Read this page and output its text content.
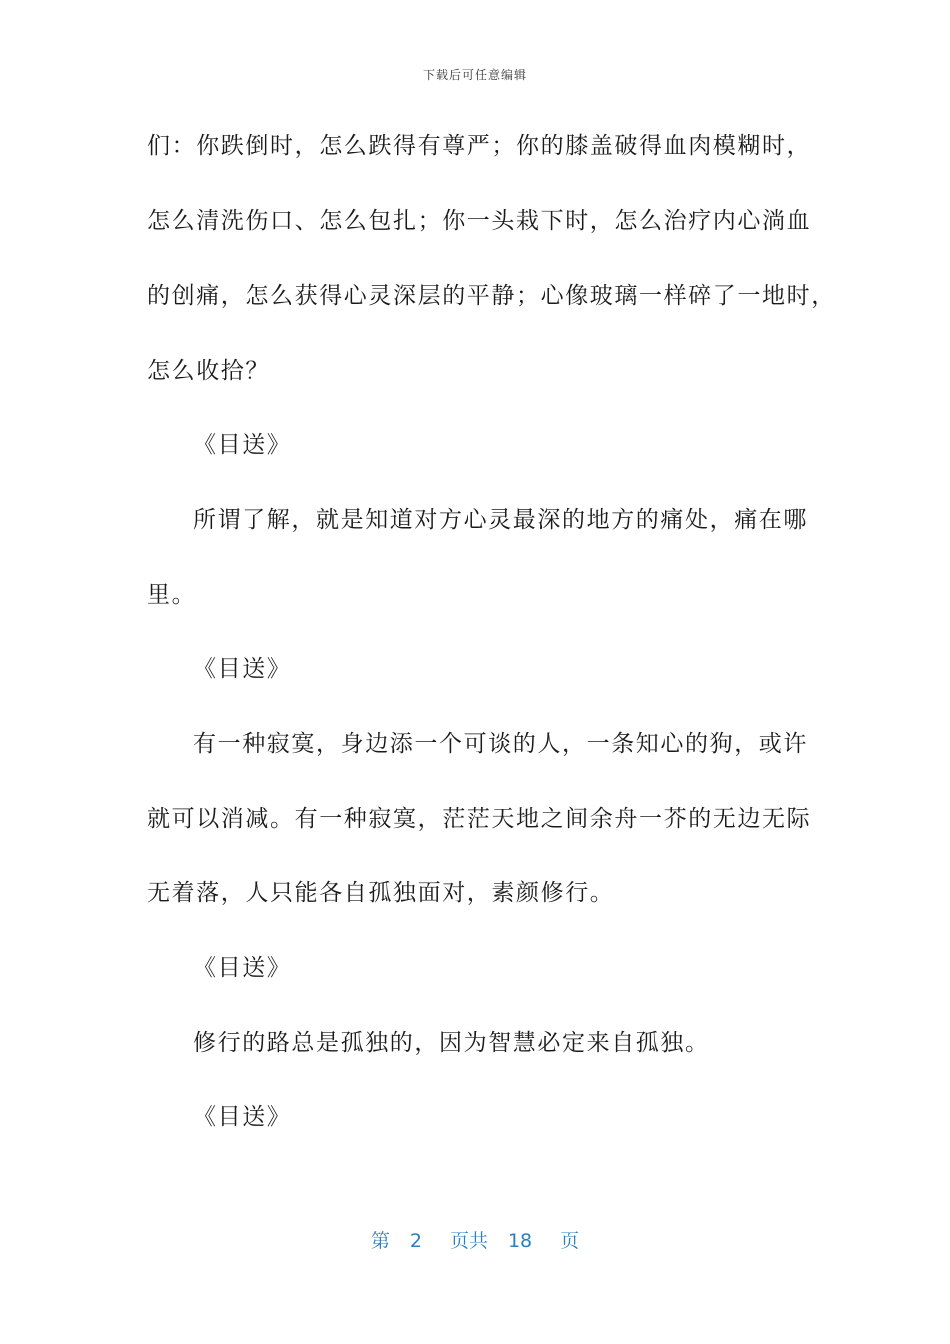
下载后可任意编辑
们：你跌倒时，怎么跌得有尊严；你的膝盖破得血肉模糊时，
怎么清洗伤口、怎么包扎；你一头栽下时，怎么治疗内心淌血
的创痛，怎么获得心灵深层的平静；心像玻璃一样碎了一地时，
怎么收拾？
《目送》
所谓了解，就是知道对方心灵最深的地方的痛处，痛在哪
里。
《目送》
有一种寂寞，身边添一个可谈的人，一条知心的狗，或许
就可以消减。有一种寂寞，茫茫天地之间余舟一芥的无边无际
无着落，人只能各自孤独面对，素颜修行。
《目送》
修行的路总是孤独的，因为智慧必定来自孤独。
《目送》
第 2 页共 18 页
